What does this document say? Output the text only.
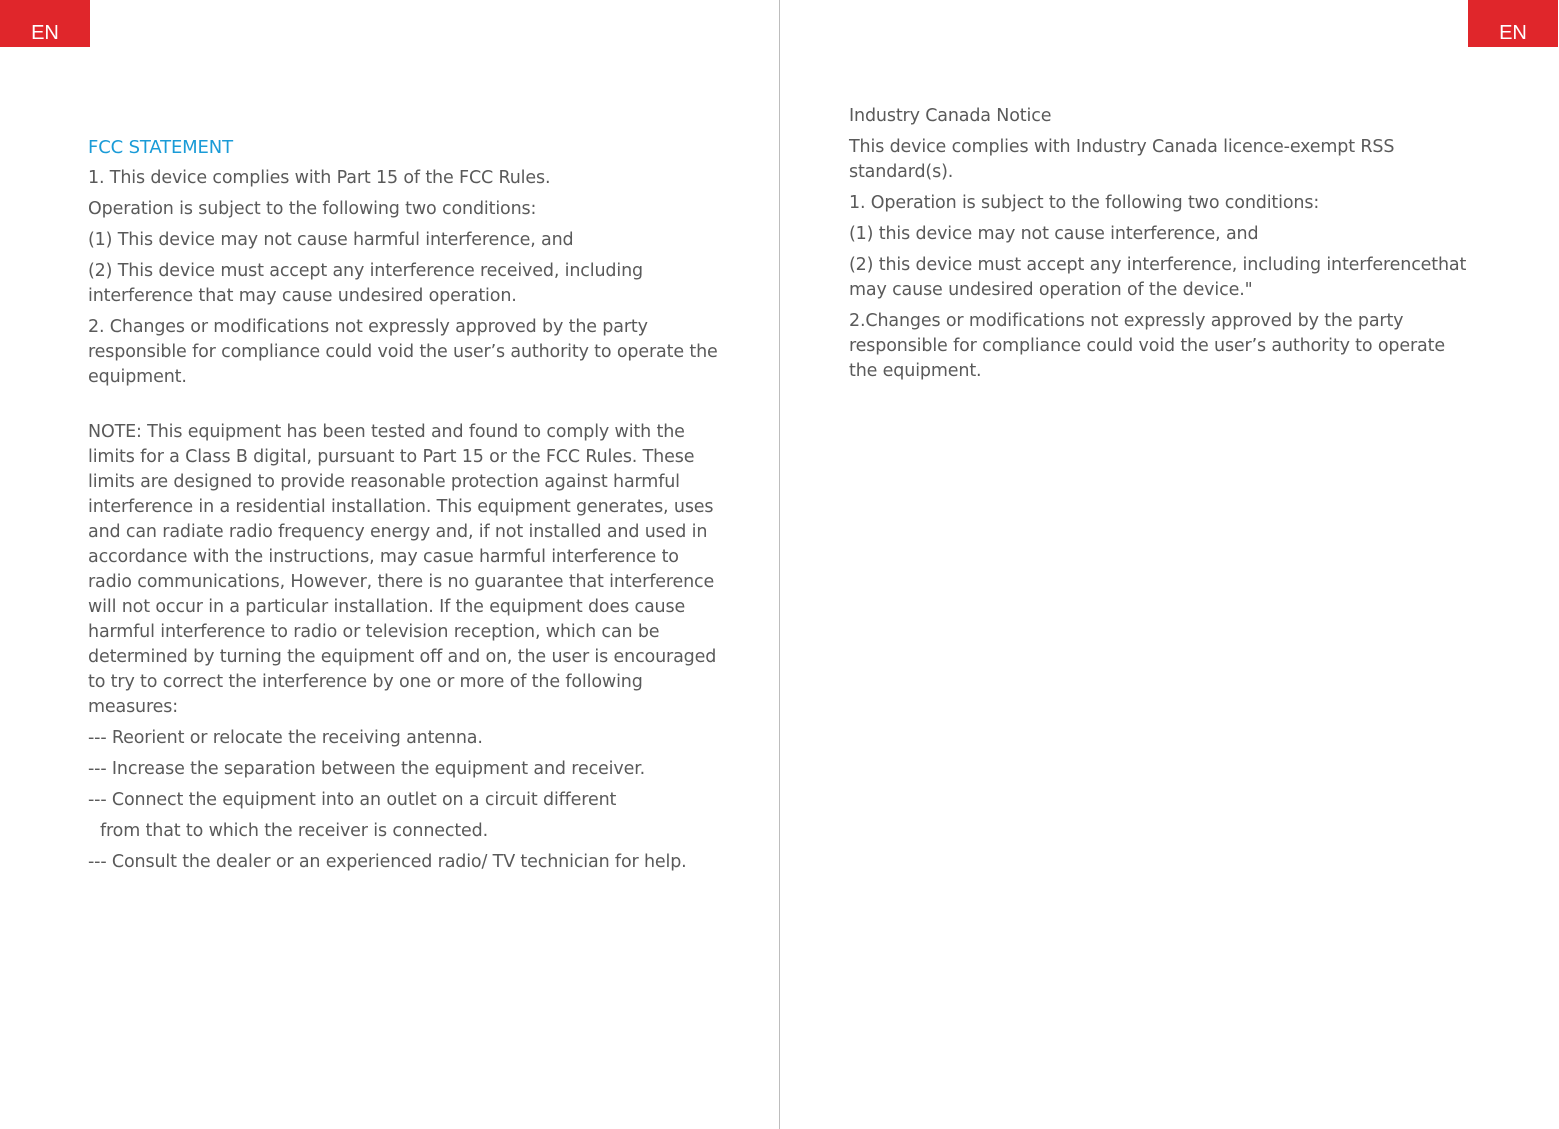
EN	EN

FCC STATEMENT

1. This device complies with Part 15 of the FCC Rules.

Operation is subject to the following two conditions:

(1) This device may not cause harmful interference, and

(2) This device must accept any interference received, including interference that may cause undesired operation.

2. Changes or modifications not expressly approved by the party responsible for compliance could void the user’s authority to operate the equipment.

NOTE: This equipment has been tested and found to comply with the limits for a Class B digital, pursuant to Part 15 or the FCC Rules. These limits are designed to provide reasonable protection against harmful interference in a residential installation. This equipment generates, uses and can radiate radio frequency energy and, if not installed and used in accordance with the instructions, may casue harmful interference to radio communications, However, there is no guarantee that interference will not occur in a particular installation. If the equipment does cause harmful interference to radio or television reception, which can be determined by turning the equipment off and on, the user is encouraged to try to correct the interference by one or more of the following measures:

--- Reorient or relocate the receiving antenna.

--- Increase the separation between the equipment and receiver.

--- Connect the equipment into an outlet on a circuit different

from that to which the receiver is connected.

--- Consult the dealer or an experienced radio/ TV technician for help.

Industry Canada Notice

This device complies with Industry Canada licence-exempt RSS standard(s).

1. Operation is subject to the following two conditions:

(1) this device may not cause interference, and

(2) this device must accept any interference, including interferencethat may cause undesired operation of the device."

2.Changes or modifications not expressly approved by the party responsible for compliance could void the user’s authority to operate the equipment.
